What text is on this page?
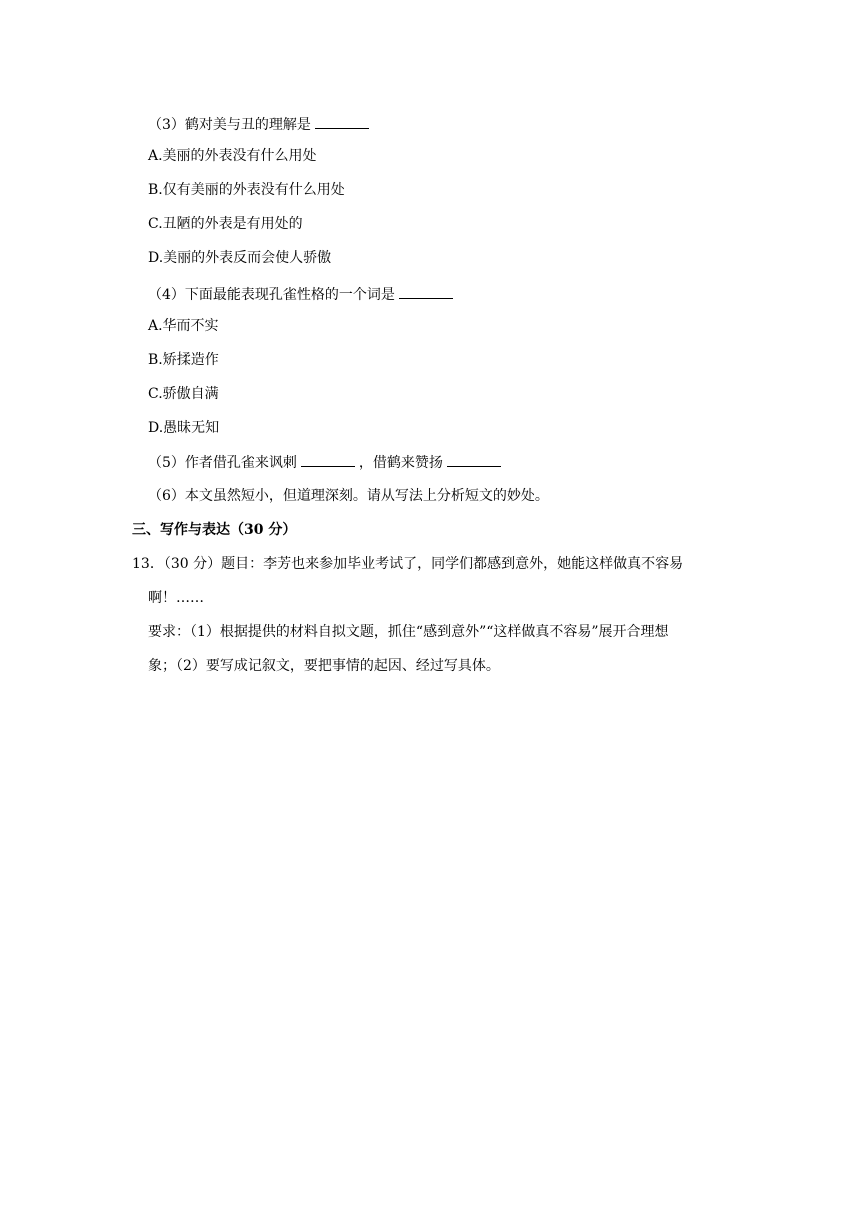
（3）鹤对美与丑的理解是
A.美丽的外表没有什么用处
B.仅有美丽的外表没有什么用处
C.丑陋的外表是有用处的
D.美丽的外表反而会使人骄傲
（4）下面最能表现孔雀性格的一个词是
A.华而不实
B.矫揉造作
C.骄傲自满
D.愚昧无知
（5）作者借孔雀来讽刺	，借鹤来赞扬
（6）本文虽然短小，但道理深刻。请从写法上分析短文的妙处。
三、写作与表达（30 分）
13．（30 分）题目：李芳也来参加毕业考试了，同学们都感到意外，她能这样做真不容易
啊！……
要求：（1）根据提供的材料自拟文题，抓住“感到意外”“这样做真不容易”展开合理想
象；（2）要写成记叙文，要把事情的起因、经过写具体。
